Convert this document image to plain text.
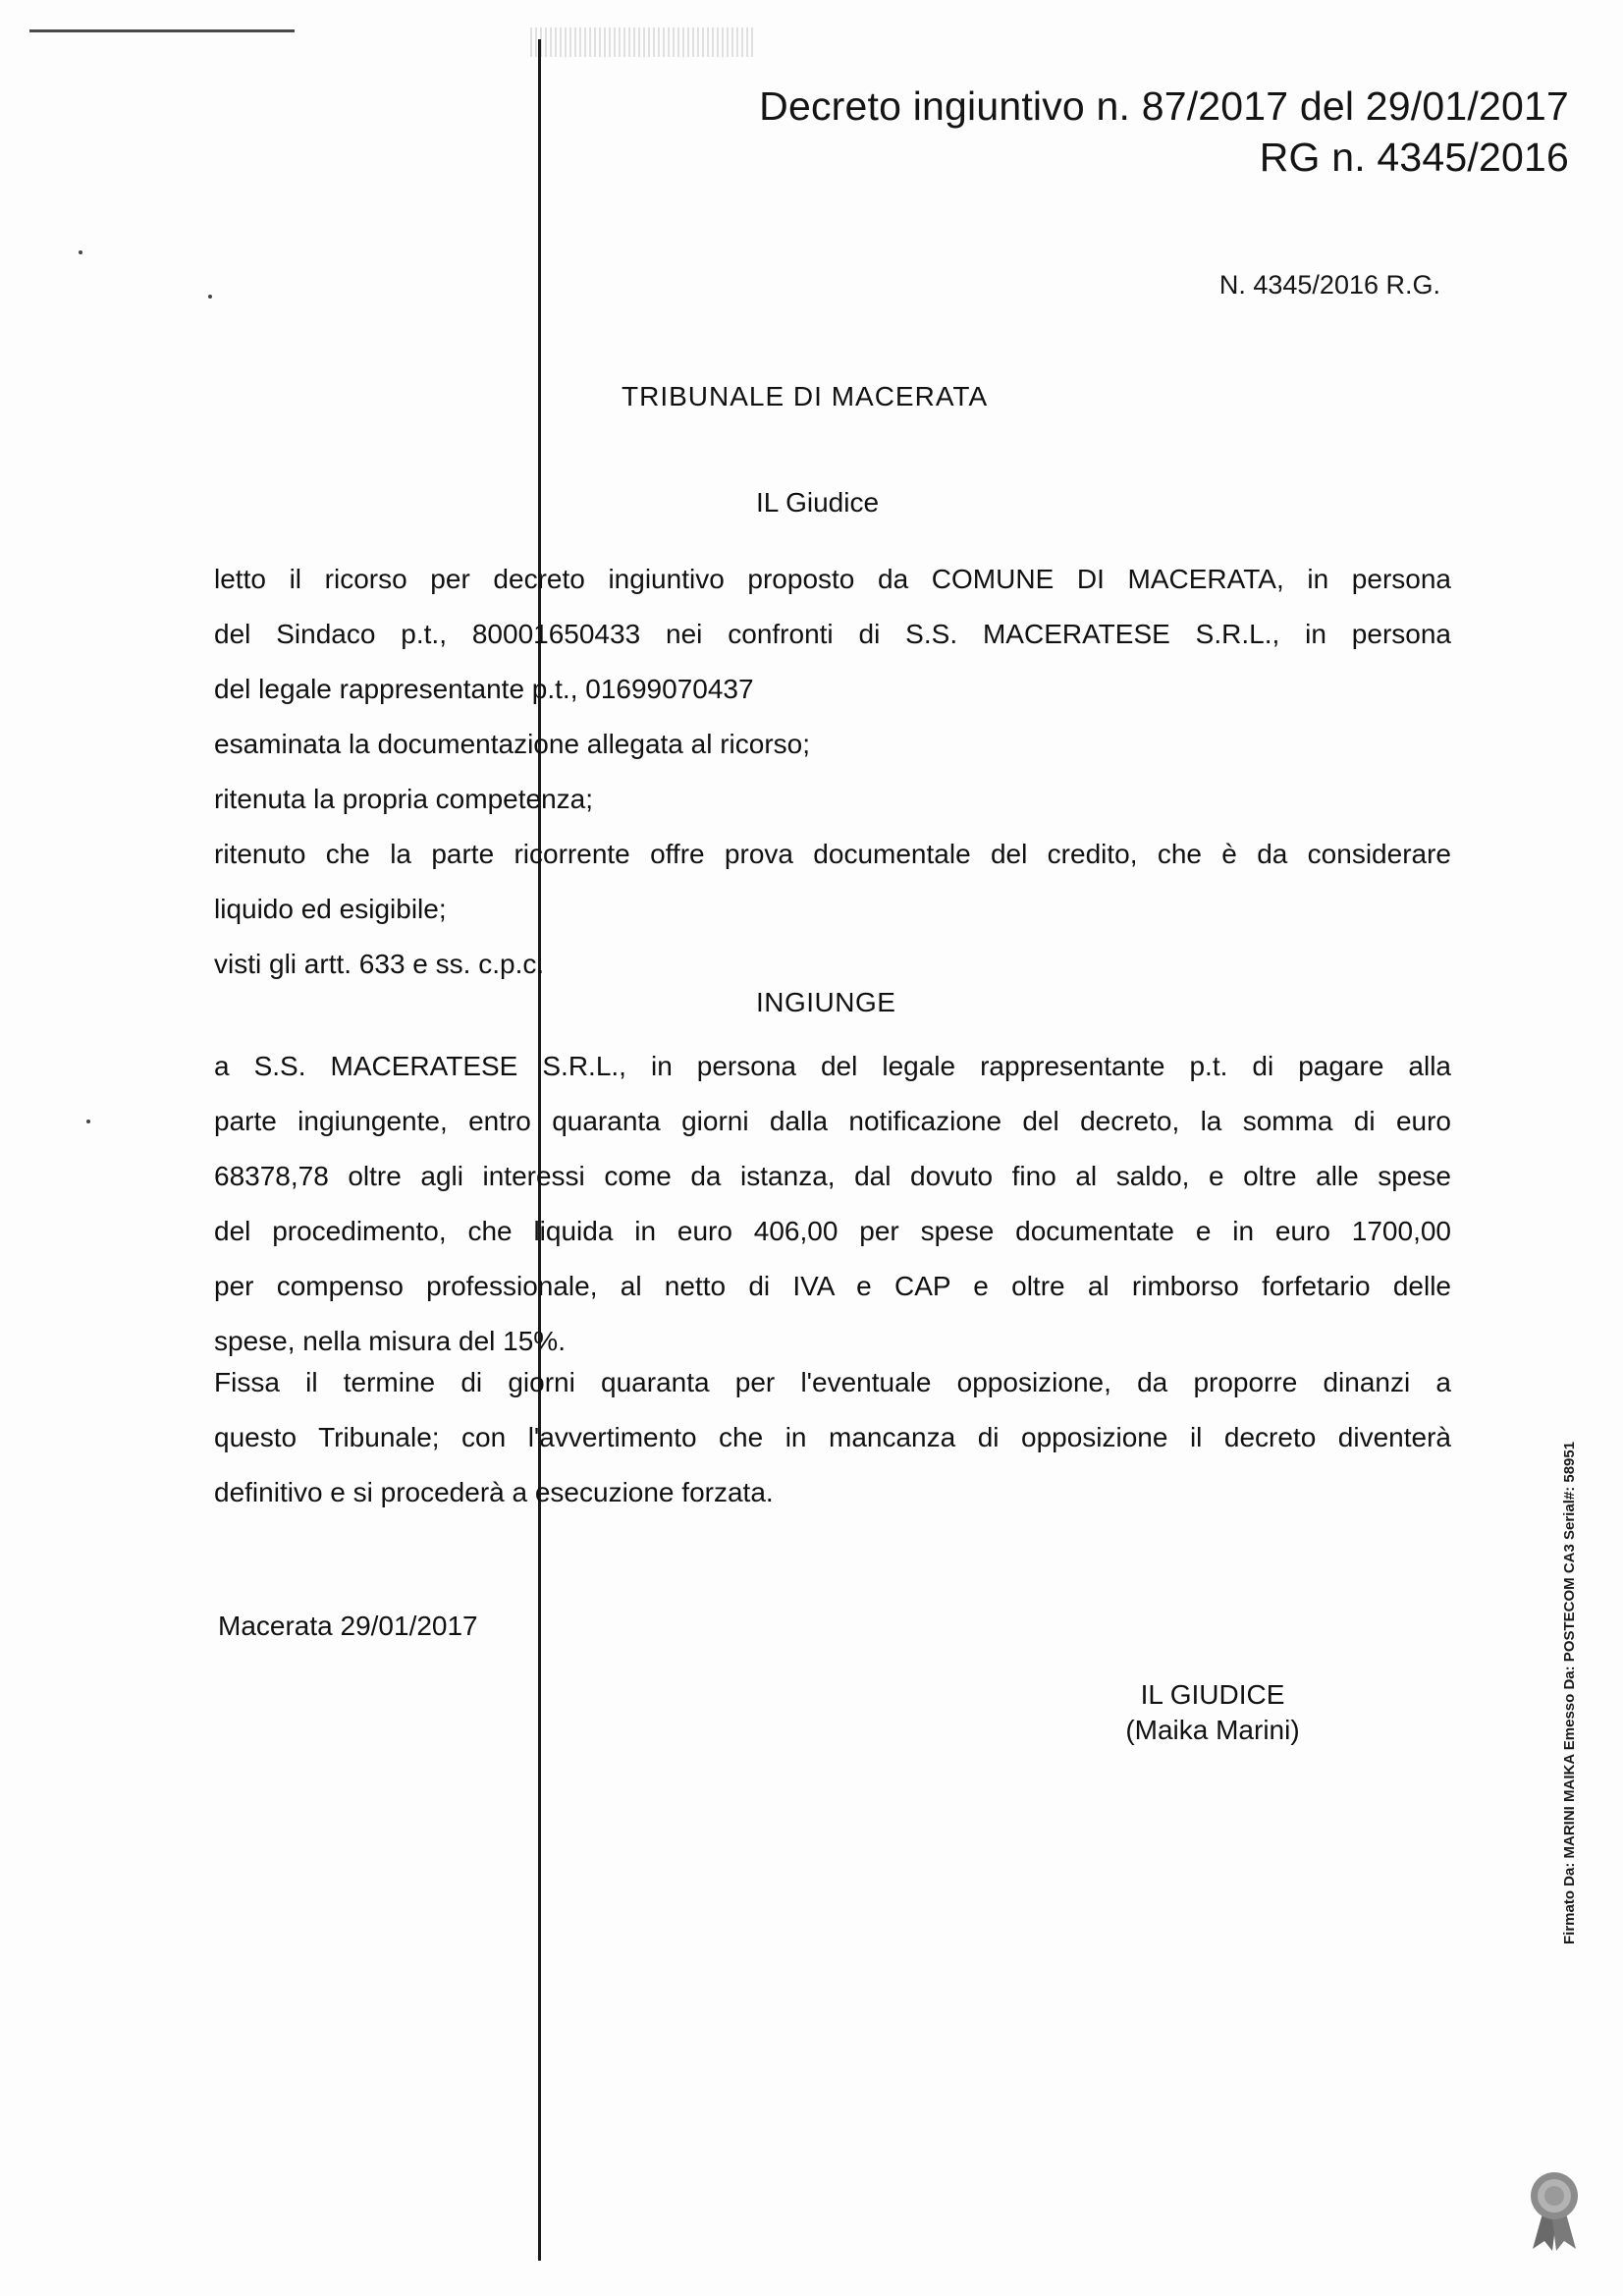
Decreto ingiuntivo n. 87/2017 del 29/01/2017
RG n. 4345/2016
N. 4345/2016 R.G.
TRIBUNALE DI MACERATA
IL Giudice
letto il ricorso per decreto ingiuntivo proposto da COMUNE DI MACERATA, in persona
del Sindaco p.t., 80001650433 nei confronti di S.S. MACERATESE S.R.L., in persona
del legale rappresentante p.t., 01699070437
esaminata la documentazione allegata al ricorso;
ritenuta la propria competenza;
ritenuto che la parte ricorrente offre prova documentale del credito, che è da considerare
liquido ed esigibile;
visti gli artt. 633 e ss. c.p.c.
INGIUNGE
a S.S. MACERATESE S.R.L., in persona del legale rappresentante p.t. di pagare alla
parte ingiungente, entro quaranta giorni dalla notificazione del decreto, la somma di euro
68378,78 oltre agli interessi come da istanza, dal dovuto fino al saldo, e oltre alle spese
del procedimento, che liquida in euro 406,00 per spese documentate e in euro 1700,00
per compenso professionale, al netto di IVA e CAP e oltre al rimborso forfetario delle
spese, nella misura del 15%.
Fissa il termine di giorni quaranta per l'eventuale opposizione, da proporre dinanzi a
questo Tribunale; con l'avvertimento che in mancanza di opposizione il decreto diventerà
definitivo e si procederà a esecuzione forzata.
Macerata 29/01/2017
IL GIUDICE
(Maika Marini)	Firmato Da: MARINI MAIKA Emesso Da: POSTECOM CA3 Serial#: 58951
